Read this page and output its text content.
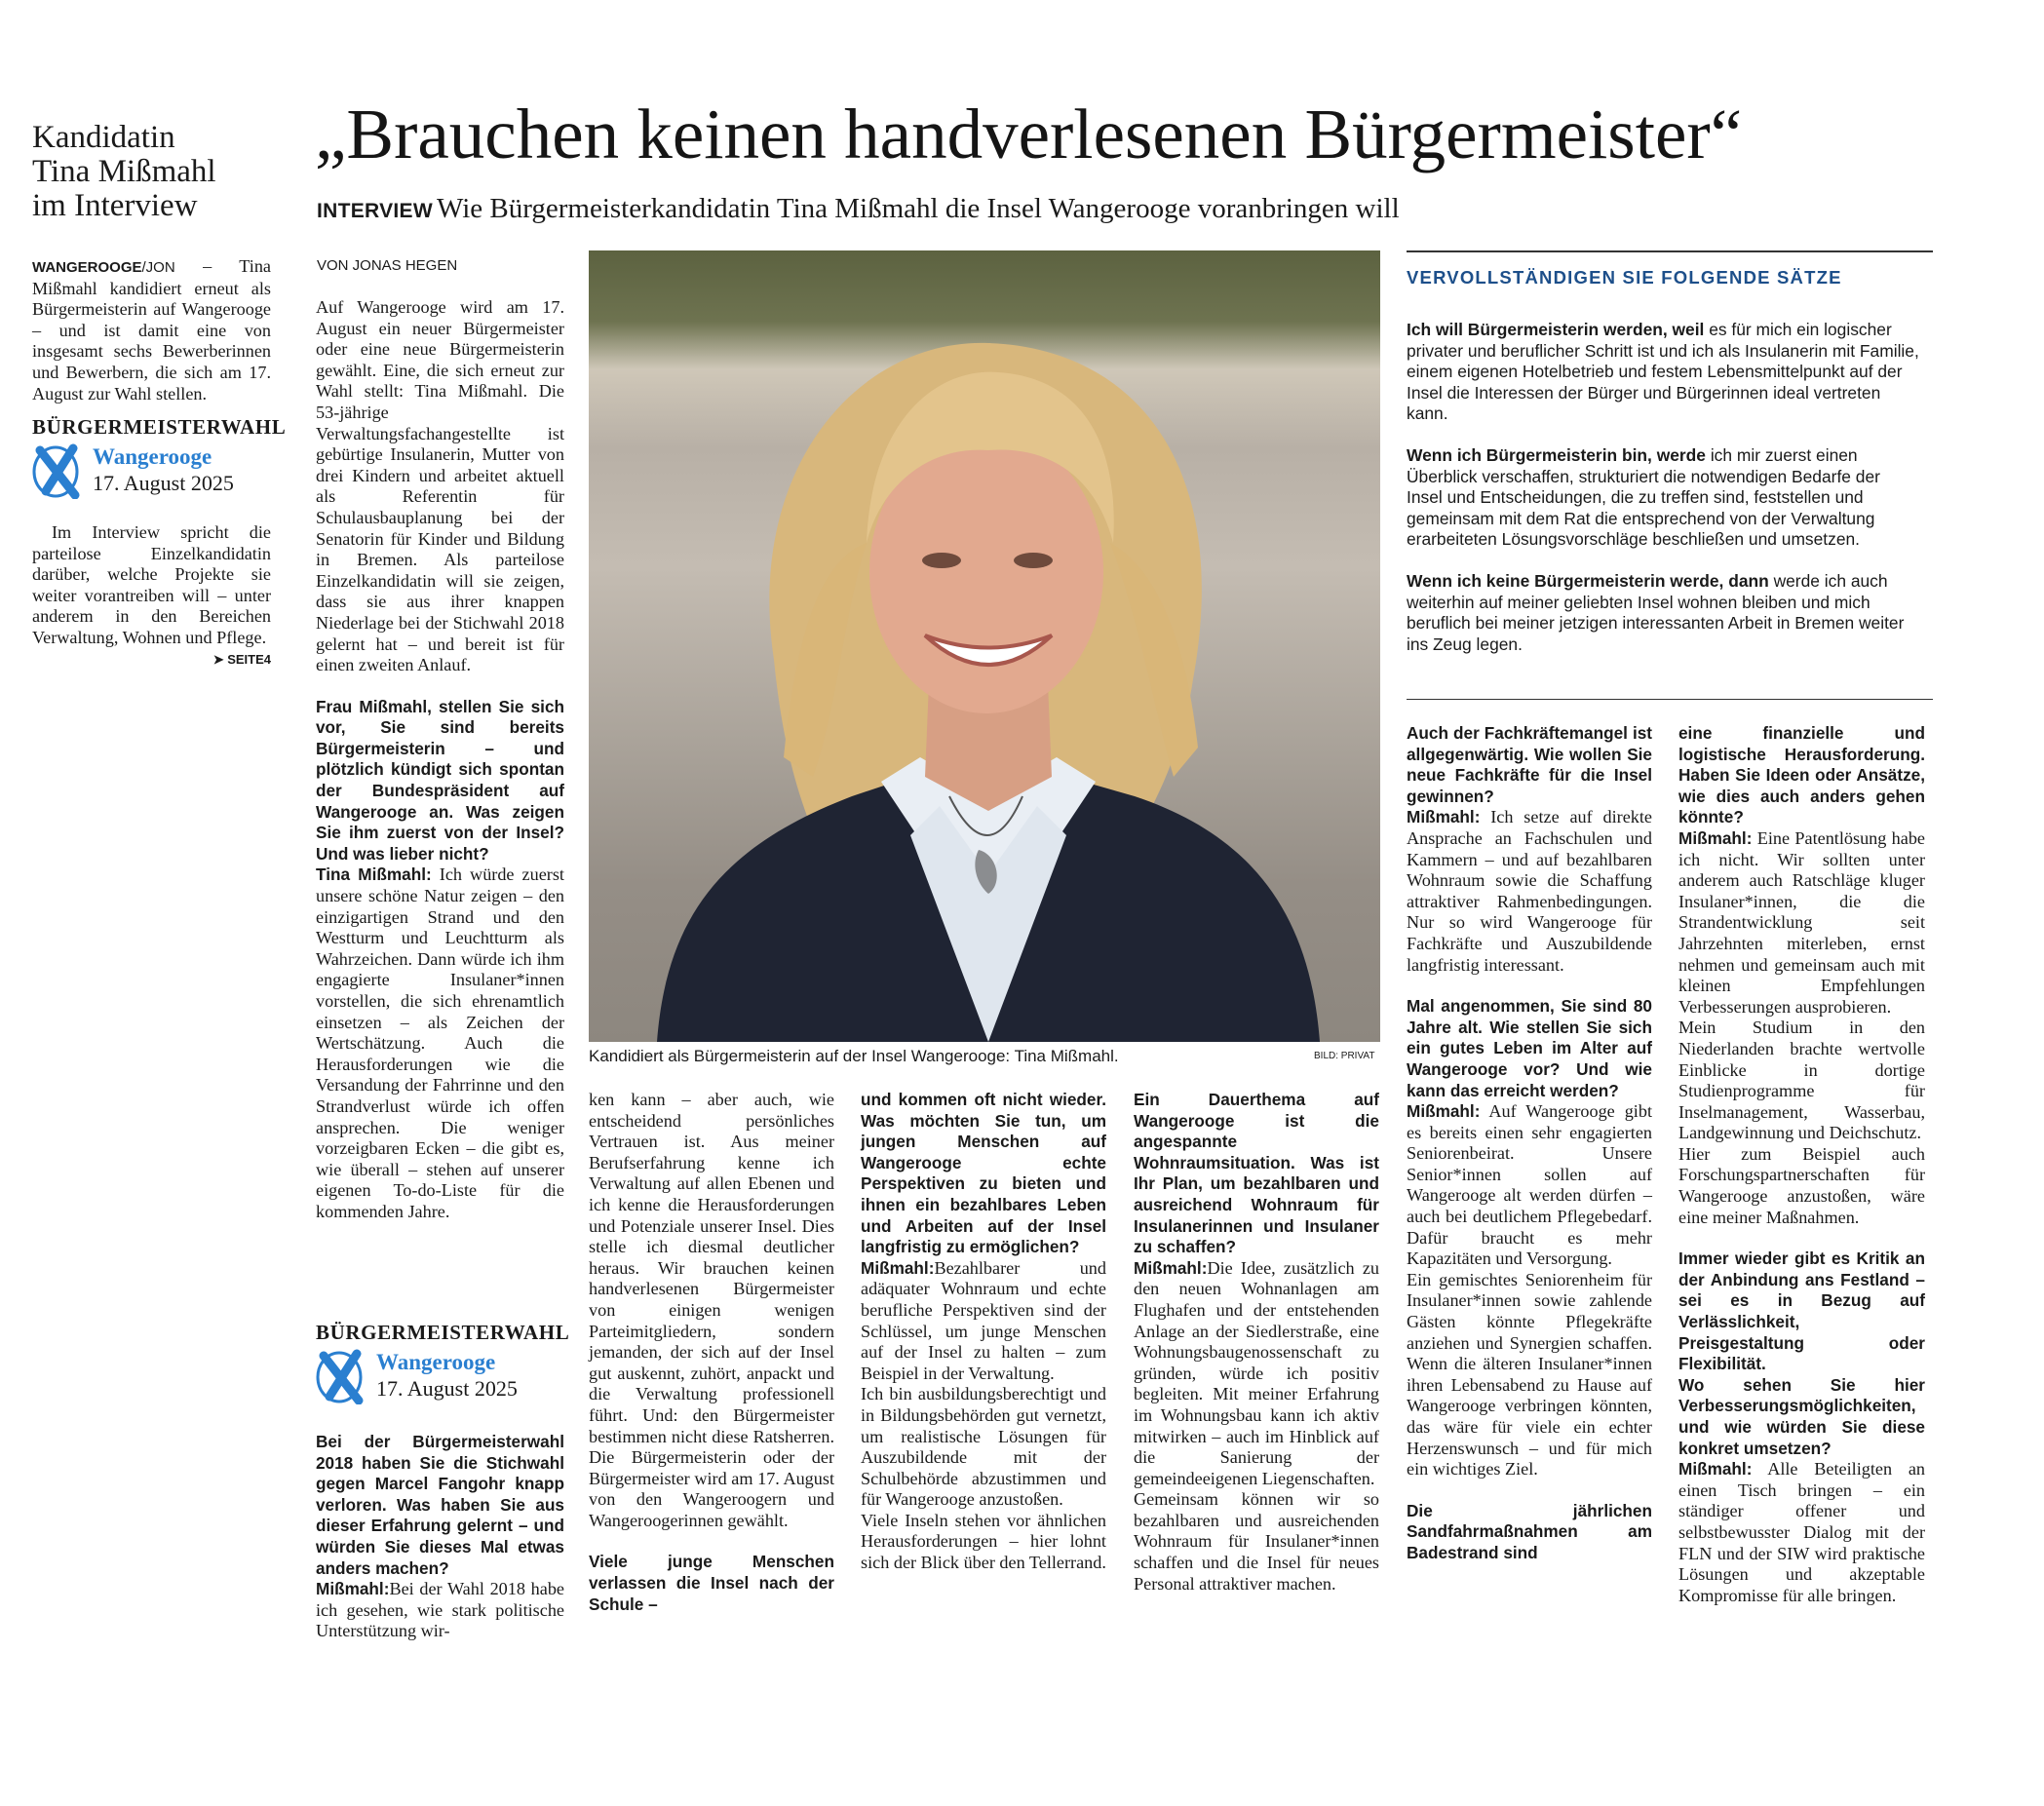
Kandidatin
Tina Mißmahl
im Interview
WANGEROOGE/JON – Tina Mißmahl kandidiert erneut als Bürgermeisterin auf Wangerooge – und ist damit eine von insgesamt sechs Bewerberinnen und Bewerbern, die sich am 17. August zur Wahl stellen.
BÜRGERMEISTERWAHL
Wangerooge
17. August 2025
Im Interview spricht die parteilose Einzelkandidatin darüber, welche Projekte sie weiter vorantreiben will – unter anderem in den Bereichen Verwaltung, Wohnen und Pflege.
➤ SEITE4
„Brauchen keinen handverlesenen Bürgermeister“
INTERVIEW Wie Bürgermeisterkandidatin Tina Mißmahl die Insel Wangerooge voranbringen will
VON JONAS HEGEN
Kandidiert als Bürgermeisterin auf der Insel Wangerooge: Tina Mißmahl.	BILD: PRIVAT

Auf Wangerooge wird am 17. August ein neuer Bürgermeister oder eine neue Bürgermeisterin gewählt. Eine, die sich erneut zur Wahl stellt: Tina Mißmahl. Die 53-jährige Verwaltungsfachangestellte ist gebürtige Insulanerin, Mutter von drei Kindern und arbeitet aktuell als Referentin für Schulausbauplanung bei der Senatorin für Kinder und Bildung in Bremen. Als parteilose Einzelkandidatin will sie zeigen, dass sie aus ihrer knappen Niederlage bei der Stichwahl 2018 gelernt hat – und bereit ist für einen zweiten Anlauf.

Frau Mißmahl, stellen Sie sich vor, Sie sind bereits Bürgermeisterin – und plötzlich kündigt sich spontan der Bundespräsident auf Wangerooge an. Was zeigen Sie ihm zuerst von der Insel? Und was lieber nicht?

Tina Mißmahl: Ich würde zuerst unsere schöne Natur zeigen – den einzigartigen Strand und den Westturm und Leuchtturm als Wahrzeichen. Dann würde ich ihm engagierte Insulaner*innen vorstellen, die sich ehrenamtlich einsetzen – als Zeichen der Wertschätzung. Auch die Herausforderungen wie die Versandung der Fahrrinne und den Strandverlust würde ich offen ansprechen. Die weniger vorzeigbaren Ecken – die gibt es, wie überall – stehen auf unserer eigenen To-do-Liste für die kommenden Jahre.

BÜRGERMEISTERWAHL
Wangerooge
17. August 2025

Bei der Bürgermeisterwahl 2018 haben Sie die Stichwahl gegen Marcel Fangohr knapp verloren. Was haben Sie aus dieser Erfahrung gelernt – und würden Sie dieses Mal etwas anders machen?

Mißmahl:Bei der Wahl 2018 habe ich gesehen, wie stark politische Unterstützung wir-

ken kann – aber auch, wie entscheidend persönliches Vertrauen ist. Aus meiner Berufserfahrung kenne ich Verwaltung auf allen Ebenen und ich kenne die Herausforderungen und Potenziale unserer Insel. Dies stelle ich diesmal deutlicher heraus. Wir brauchen keinen handverlesenen Bürgermeister von einigen wenigen Parteimitgliedern, sondern jemanden, der sich auf der Insel gut auskennt, zuhört, anpackt und die Verwaltung professionell führt. Und: den Bürgermeister bestimmen nicht diese Ratsherren. Die Bürgermeisterin oder der Bürgermeister wird am 17. August von den Wangeroogern und Wangeroogerinnen gewählt.

Viele junge Menschen verlassen die Insel nach der Schule –

und kommen oft nicht wieder. Was möchten Sie tun, um jungen Menschen auf Wangerooge echte Perspektiven zu bieten und ihnen ein bezahlbares Leben und Arbeiten auf der Insel langfristig zu ermöglichen?

Mißmahl:Bezahlbarer und adäquater Wohnraum und echte berufliche Perspektiven sind der Schlüssel, um junge Menschen auf der Insel zu halten – zum Beispiel in der Verwaltung.

Ich bin ausbildungsberechtigt und in Bildungsbehörden gut vernetzt, um realistische Lösungen für Auszubildende mit der Schulbehörde abzustimmen und für Wangerooge anzustoßen.

Viele Inseln stehen vor ähnlichen Herausforderungen – hier lohnt sich der Blick über den Tellerrand.

Ein Dauerthema auf Wangerooge ist die angespannte Wohnraumsituation. Was ist Ihr Plan, um bezahlbaren und ausreichend Wohnraum für Insulanerinnen und Insulaner zu schaffen?

Mißmahl:Die Idee, zusätzlich zu den neuen Wohnanlagen am Flughafen und der entstehenden Anlage an der Siedlerstraße, eine Wohnungsbaugenossenschaft zu gründen, würde ich positiv begleiten. Mit meiner Erfahrung im Wohnungsbau kann ich aktiv mitwirken – auch im Hinblick auf die Sanierung der gemeindeeigenen Liegenschaften.

Gemeinsam können wir so bezahlbaren und ausreichenden Wohnraum für Insulaner*innen schaffen und die Insel für neues Personal attraktiver machen.

VERVOLLSTÄNDIGEN SIE FOLGENDE SÄTZE

Ich will Bürgermeisterin werden, weil es für mich ein logischer privater und beruflicher Schritt ist und ich als Insulanerin mit Familie, einem eigenen Hotelbetrieb und festem Lebensmittelpunkt auf der Insel die Interessen der Bürger und Bürgerinnen ideal vertreten kann.

Wenn ich Bürgermeisterin bin, werde ich mir zuerst einen Überblick verschaffen, strukturiert die notwendigen Bedarfe der Insel und Entscheidungen, die zu treffen sind, feststellen und gemeinsam mit dem Rat die entsprechend von der Verwaltung erarbeiteten Lösungsvorschläge beschließen und umsetzen.

Wenn ich keine Bürgermeisterin werde, dann werde ich auch weiterhin auf meiner geliebten Insel wohnen bleiben und mich beruflich bei meiner jetzigen interessanten Arbeit in Bremen weiter ins Zeug legen.

Auch der Fachkräftemangel ist allgegenwärtig. Wie wollen Sie neue Fachkräfte für die Insel gewinnen?

Mißmahl: Ich setze auf direkte Ansprache an Fachschulen und Kammern – und auf bezahlbaren Wohnraum sowie die Schaffung attraktiver Rahmenbedingungen. Nur so wird Wangerooge für Fachkräfte und Auszubildende langfristig interessant.

Mal angenommen, Sie sind 80 Jahre alt. Wie stellen Sie sich ein gutes Leben im Alter auf Wangerooge vor? Und wie kann das erreicht werden?

Mißmahl: Auf Wangerooge gibt es bereits einen sehr engagierten Seniorenbeirat. Unsere Senior*innen sollen auf Wangerooge alt werden dürfen – auch bei deutlichem Pflegebedarf. Dafür braucht es mehr Kapazitäten und Versorgung.

Ein gemischtes Seniorenheim für Insulaner*innen sowie zahlende Gästen könnte Pflegekräfte anziehen und Synergien schaffen. Wenn die älteren Insulaner*innen ihren Lebensabend zu Hause auf Wangerooge verbringen könnten, das wäre für viele ein echter Herzenswunsch – und für mich ein wichtiges Ziel.

Die jährlichen Sandfahrmaßnahmen am Badestrand sind

eine finanzielle und logistische Herausforderung. Haben Sie Ideen oder Ansätze, wie dies auch anders gehen könnte?

Mißmahl: Eine Patentlösung habe ich nicht. Wir sollten unter anderem auch Ratschläge kluger Insulaner*innen, die die Strandentwicklung seit Jahrzehnten miterleben, ernst nehmen und gemeinsam auch mit kleinen Empfehlungen Verbesserungen ausprobieren.

Mein Studium in den Niederlanden brachte wertvolle Einblicke in dortige Studienprogramme für Inselmanagement, Wasserbau, Landgewinnung und Deichschutz.

Hier zum Beispiel auch Forschungspartnerschaften für Wangerooge anzustoßen, wäre eine meiner Maßnahmen.

Immer wieder gibt es Kritik an der Anbindung ans Festland – sei es in Bezug auf Verlässlichkeit, Preisgestaltung oder Flexibilität.

Wo sehen Sie hier Verbesserungsmöglichkeiten, und wie würden Sie diese konkret umsetzen?

Mißmahl: Alle Beteiligten an einen Tisch bringen – ein ständiger offener und selbstbewusster Dialog mit der FLN und der SIW wird praktische Lösungen und akzeptable Kompromisse für alle bringen.
